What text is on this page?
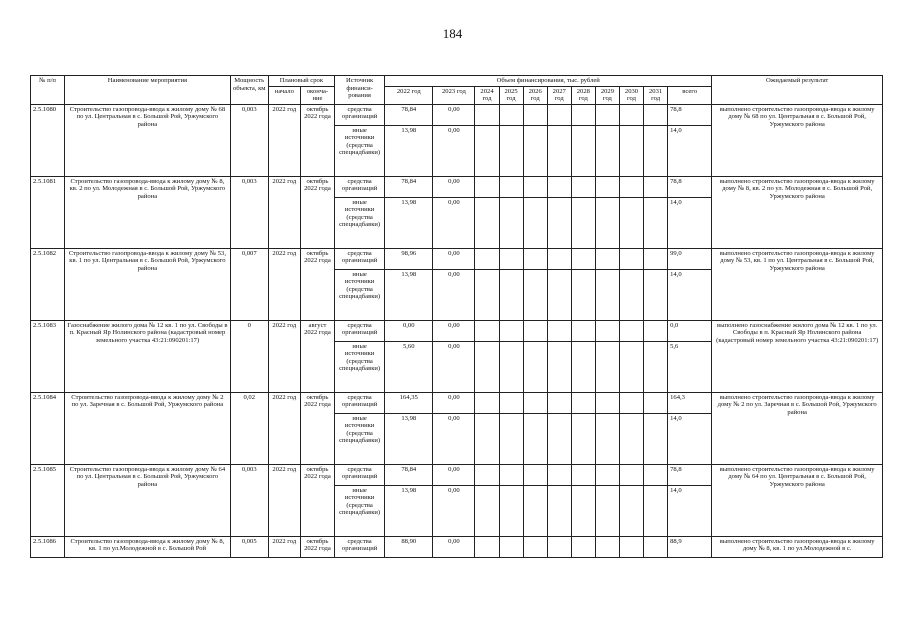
184
№ п/п	Наименование мероприятия	Мощность объекта, км	Плановый срок		Источник финанси-рования	Объем финансирования, тыс. рублей											Ожидаемый результат
			начало	оконча-ние		2022 год	2023 год	2024 год	2025 год	2026 год	2027 год	2028 год	2029 год	2030 год	2031 год	всего	
2.5.1080	Строительство газопровода-ввода к жилому дому № 68 по ул. Центральная в с. Большой Рой, Уржумского района	0,003	2022 год	октябрь 2022 года	средства организаций	78,84	0,00									78,8	выполнено строительство газопровода-ввода к жилому дому № 68 по ул. Центральная в с. Большой Рой, Уржумского района
					иные источники (средства спецнадбавки)	13,98	0,00									14,0	
2.5.1081	Строительство газопровода-ввода к жилому дому № 8, кв. 2 по ул. Молодежная в с. Большой Рой, Уржумского района	0,003	2022 год	октябрь 2022 года	средства организаций	78,84	0,00									78,8	выполнено строительство газопровода-ввода к жилому дому № 8, кв. 2 по ул. Молодежная в с. Большой Рой, Уржумского района
					иные источники (средства спецнадбавки)	13,98	0,00									14,0	
2.5.1082	Строительство газопровода-ввода к жилому дому № 53, кв. 1 по ул. Центральная в с. Большой Рой, Уржумского района	0,007	2022 год	октябрь 2022 года	средства организаций	98,96	0,00									99,0	выполнено строительство газопровода-ввода к жилому дому № 53, кв. 1 по ул. Центральная в с. Большой Рой, Уржумского района
					иные источники (средства спецнадбавки)	13,98	0,00									14,0	
2.5.1083	Газоснабжение жилого дома № 12 кв. 1 по ул. Свободы в п. Красный Яр Нолинского района (кадастровый номер земельного участка 43:21:090201:17)	0	2022 год	август 2022 года	средства организаций	0,00	0,00									0,0	выполнено газоснабжение жилого дома № 12 кв. 1 по ул. Свободы в п. Красный Яр Нолинского района (кадастровый номер земельного участка 43:21:090201:17)
					иные источники (средства спецнадбавки)	5,60	0,00									5,6	
2.5.1084	Строительство газопровода-ввода к жилому дому № 2 по ул. Заречная в с. Большой Рой, Уржумского района	0,02	2022 год	октябрь 2022 года	средства организаций	164,35	0,00									164,3	выполнено строительство газопровода-ввода к жилому дому № 2 по ул. Заречная в с. Большой Рой, Уржумского района
					иные источники (средства спецнадбавки)	13,98	0,00									14,0	
2.5.1085	Строительство газопровода-ввода к жилому дому № 64 по ул. Центральная в с. Большой Рой, Уржумского района	0,003	2022 год	октябрь 2022 года	средства организаций	78,84	0,00									78,8	выполнено строительство газопровода-ввода к жилому дому № 64 по ул. Центральная в с. Большой Рой, Уржумского района
					иные источники (средства спецнадбавки)	13,98	0,00									14,0	
2.5.1086	Строительство газопровода-ввода к жилому дому № 8, кв. 1 по ул.Молодежной в с. Большой Рой	0,005	2022 год	октябрь 2022 года	средства организаций	88,90	0,00									88,9	выполнено строительство газопровода-ввода к жилому дому № 8, кв. 1 по ул.Молодежной в с.
